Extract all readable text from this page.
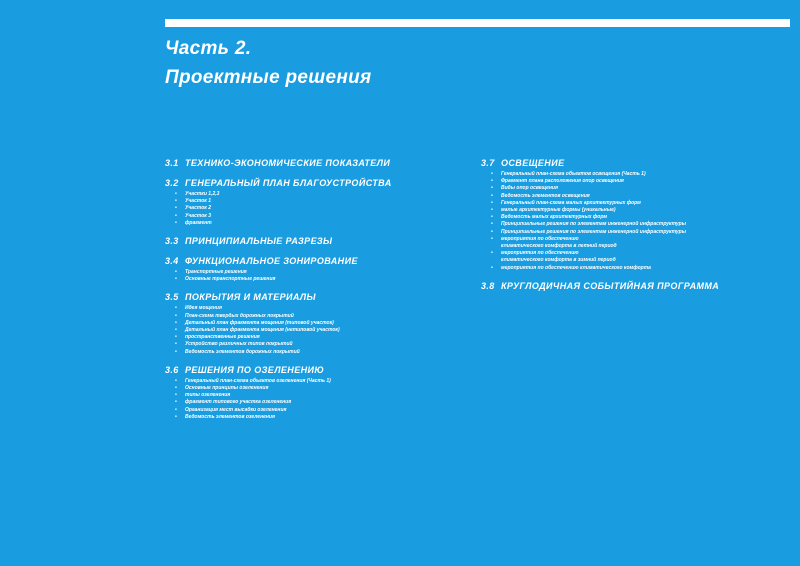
Часть 2.
Проектные решения
3.1 ТЕХНИКО-ЭКОНОМИЧЕСКИЕ ПОКАЗАТЕЛИ
3.2 ГЕНЕРАЛЬНЫЙ ПЛАН БЛАГОУСТРОЙСТВА
• Участки 1,2,3
• Участок 1
• Участок 2
• Участок 3
• фрагмент
3.3 ПРИНЦИПИАЛЬНЫЕ РАЗРЕЗЫ
3.4 ФУНКЦИОНАЛЬНОЕ ЗОНИРОВАНИЕ
• Транспортные решения
• Основные транспортные решения
3.5 ПОКРЫТИЯ И МАТЕРИАЛЫ
• Идея мощения
• План-схема твердых дорожных покрытий
• Детальный план фрагмента мощения (типовой участок)
• Детальный план фрагмента мощения (нетиповой участок)
• пространственные решения
• Устройство различных типов покрытий
• Ведомость элементов дорожных покрытий
3.6 РЕШЕНИЯ ПО ОЗЕЛЕНЕНИЮ
• Генеральный план-схема объектов озеленения (Часть 1)
• Основные принципы озеленения
• типы озеленения
• фрагмент типового участка озеленения
• Организация мест высадки озеленения
• Ведомость элементов озеленения
3.7 ОСВЕЩЕНИЕ
• Генеральный план-схема объектов освещения (Часть 1)
• Фрагмент плана расположения опор освещения
• Виды опор освещения
• Ведомость элементов освещения
• Генеральный план-схема малых архитектурных форм
• малые архитектурные формы (уникальные)
• Ведомость малых архитектурных форм
• Принципиальные решения по элементам инженерной инфраструктуры
• Принципиальные решения по элементам инженерной инфраструктуры
• мероприятия по обеспечению
климатического комфорта в летний период
• мероприятия по обеспечению
климатического комфорта в зимний период
• мероприятия по обеспечению климатического комфорта
3.8 КРУГЛОДИЧНАЯ СОБЫТИЙНАЯ ПРОГРАММА
